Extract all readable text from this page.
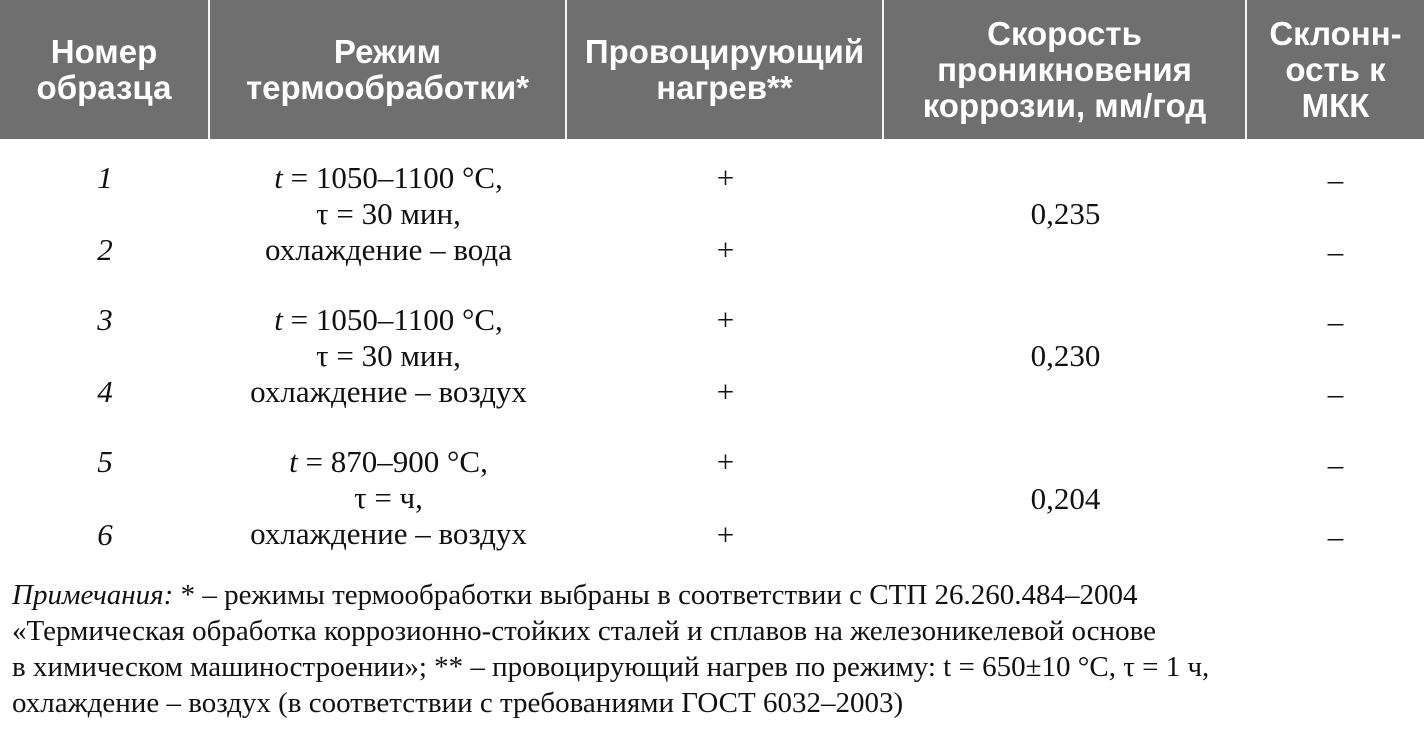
Номер
образца
Режим
термообработки*
Провоцирующий
нагрев**
Скорость
проникновения
коррозии, мм/год
Склонн-
ость к
МКК
1
2
t = 1050–1100 °С,
τ = 30 мин,
охлаждение – вода
+
+
0,235
–
–
3
4
t = 1050–1100 °С,
τ = 30 мин,
охлаждение – воздух
+
+
0,230
–
–
5
6
t = 870–900 °С,
τ = ч,
охлаждение – воздух
+
+
0,204
–
–
Примечания: * – режимы термообработки выбраны в соответствии с СТП 26.260.484–2004
«Термическая обработка коррозионно-стойких сталей и сплавов на железоникелевой основе
в химическом машиностроении»; ** – провоцирующий нагрев по режиму: t = 650±10 °С, τ = 1 ч,
охлаждение – воздух (в соответствии с требованиями ГОСТ 6032–2003)
